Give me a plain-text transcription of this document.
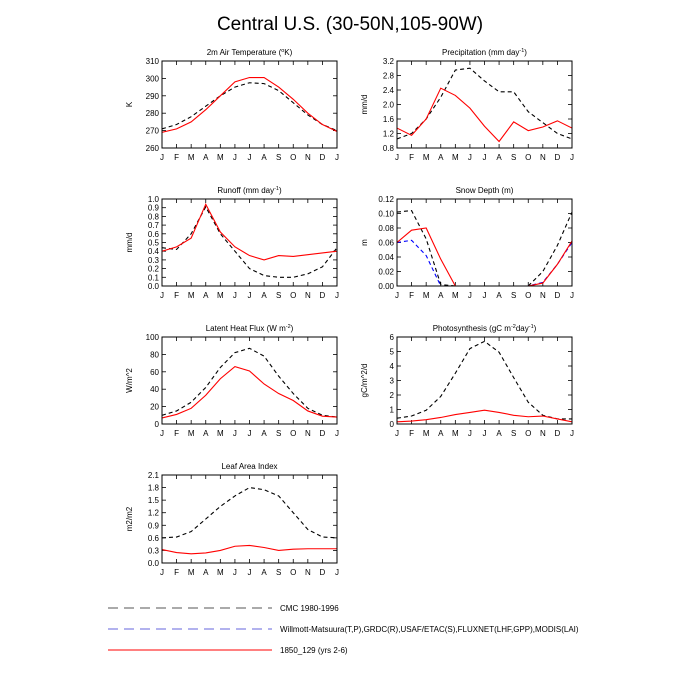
Central U.S. (30-50N,105-90W)
2m Air Temperature ($^o$K)
260
270
280
290
300
310
J F M A M J J A S O N D J
K
Precipitation (mm day$^{-1}$)
0.8
1.2
1.6
2.0
2.4
2.8
3.2
J F M A M J J A S O N D J
mm/d
Runoff (mm day$^{-1}$)
0.0
0.1
0.2
0.3
0.4
0.5
0.6
0.7
0.8
0.9
1.0
J F M A M J J A S O N D J
mm/d
Snow Depth (m)
0.00
0.02
0.04
0.06
0.08
0.10
0.12
J F M A M J J A S O N D J
m
Latent Heat Flux (W $m^{-2}$)
0
20
40
60
80
100
J F M A M J J A S O N D J
W/m^2
Photosynthesis (gC $m^{-2}day^{-1}$)
0
1
2
3
4
5
6
J F M A M J J A S O N D J
gC/m^2/d
Leaf Area Index
0.0
0.3
0.6
0.9
1.2
1.5
1.8
2.1
J F M A M J J A S O N D J
m2/m2
CMC 1980-1996
Willmott-Matsuura(T,P),GRDC(R),USAF/ETAC(S),FLUXNET(LHF,GPP),MODIS(LAI)
1850_129 (yrs 2-6)
